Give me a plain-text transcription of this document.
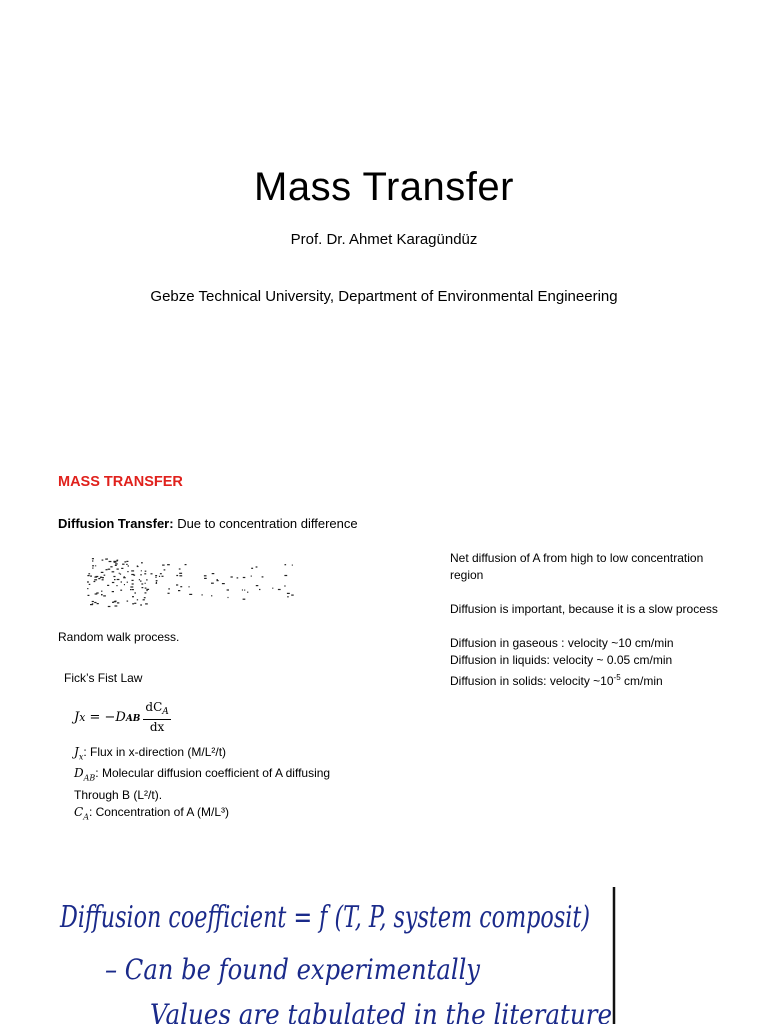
Mass Transfer
Prof. Dr. Ahmet Karagündüz
Gebze Technical University, Department of Environmental Engineering
MASS TRANSFER
Diffusion Transfer: Due to concentration difference
Random walk process.
Fick’s Fist Law
J x = − D AB $\frac{dC_A}{dx}$
$J_x$: Flux in x-direction (M/L²/t)
$D_{AB}$: Molecular diffusion coefficient of A diffusing
Through B (L²/t).
$C_A$: Concentration of A (M/L³)

Net diffusion of A from high to low concentration

region

Diffusion is important, because it is a slow process

Diffusion in gaseous : velocity ~10 cm/min

Diffusion in liquids: velocity ~ 0.05 cm/min

Diffusion in solids: velocity $\sim 10^{-5}$ cm/min

Diffusion coefficient = f (T, P, system composit)
– Can be found experimentally
Values are tabulated in the literature
